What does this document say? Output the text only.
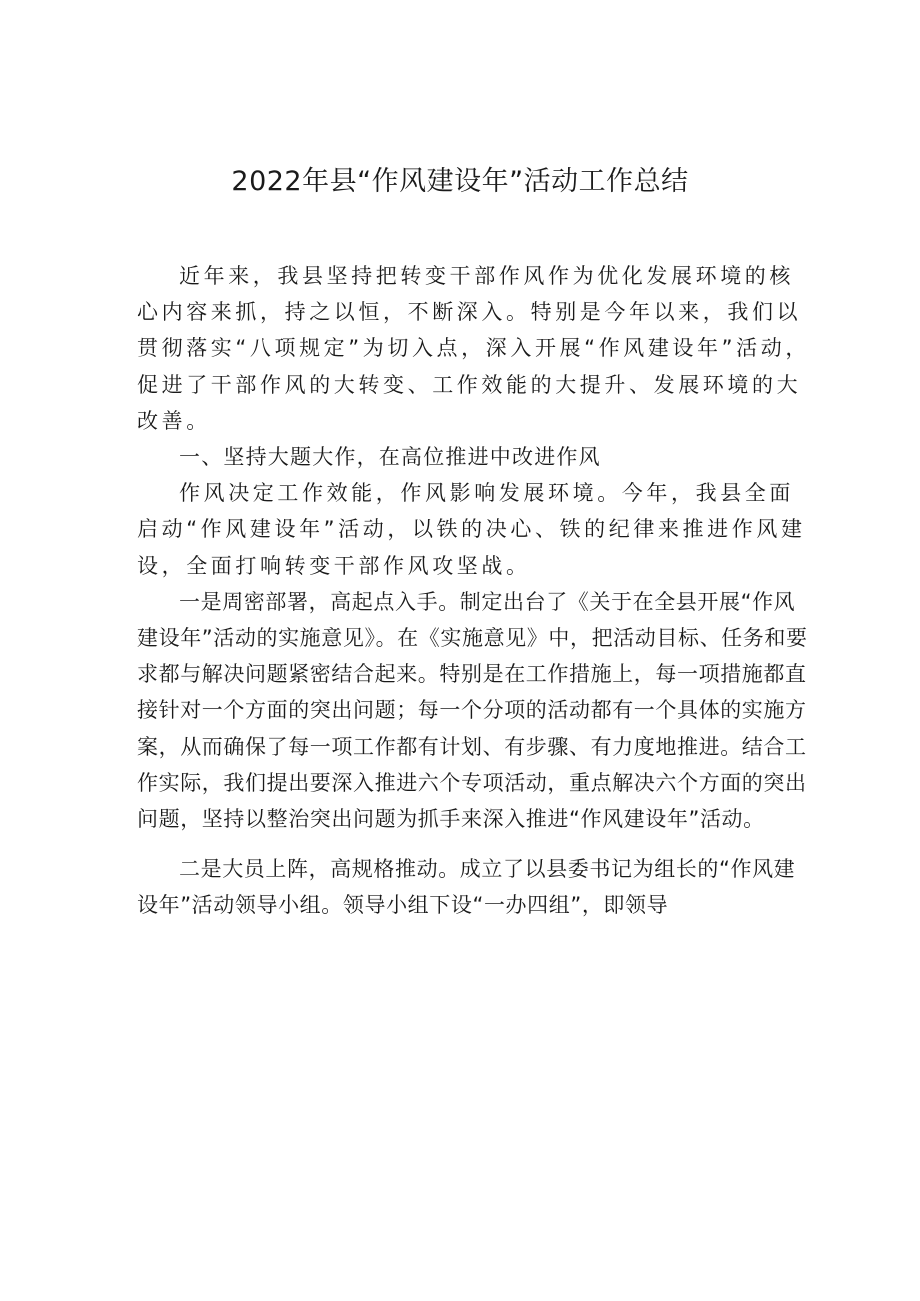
2022年县“作风建设年”活动工作总结

近年来，我县坚持把转变干部作风作为优化发展环境的核心内容来抓，持之以恒，不断深入。特别是今年以来，我们以贯彻落实“八项规定”为切入点，深入开展“作风建设年”活动，促进了干部作风的大转变、工作效能的大提升、发展环境的大改善。

一、坚持大题大作，在高位推进中改进作风

作风决定工作效能，作风影响发展环境。今年，我县全面启动“作风建设年”活动，以铁的决心、铁的纪律来推进作风建设，全面打响转变干部作风攻坚战。

一是周密部署，高起点入手。制定出台了《关于在全县开展“作风建设年”活动的实施意见》。在《实施意见》中，把活动目标、任务和要求都与解决问题紧密结合起来。特别是在工作措施上，每一项措施都直接针对一个方面的突出问题；每一个分项的活动都有一个具体的实施方案，从而确保了每一项工作都有计划、有步骤、有力度地推进。结合工作实际，我们提出要深入推进六个专项活动，重点解决六个方面的突出问题，坚持以整治突出问题为抓手来深入推进“作风建设年”活动。

二是大员上阵，高规格推动。成立了以县委书记为组长的“作风建设年”活动领导小组。领导小组下设“一办四组”，即领导
